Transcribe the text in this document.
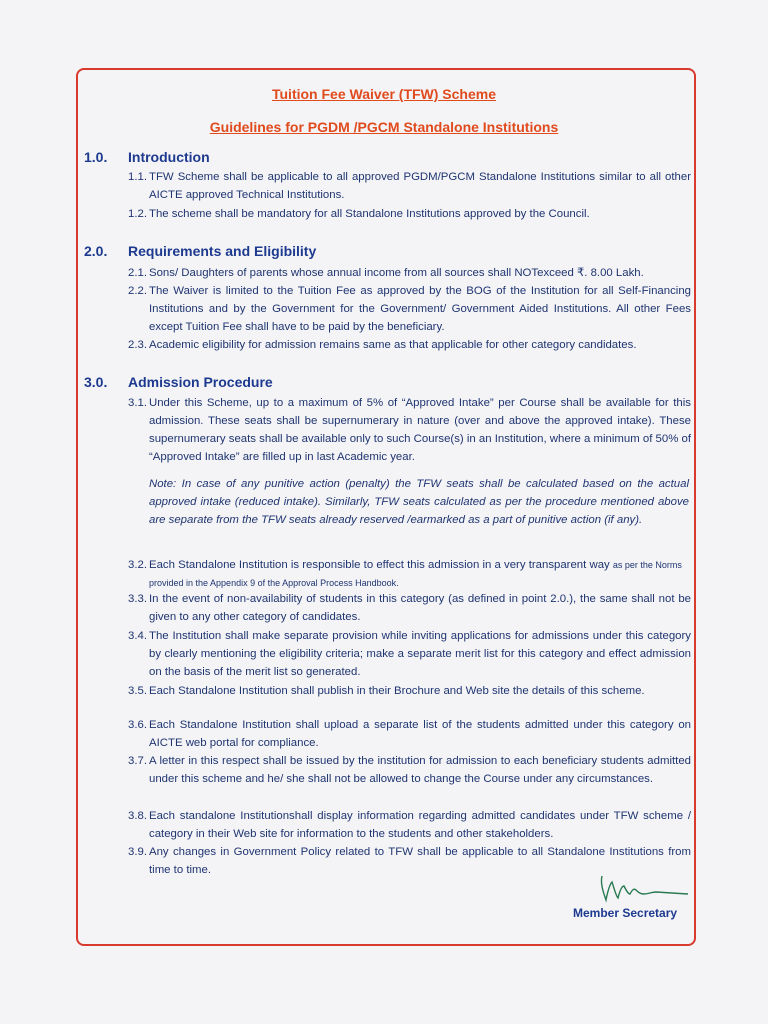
Tuition Fee Waiver (TFW) Scheme
Guidelines for PGDM /PGCM Standalone Institutions
1.0. Introduction
1.1. TFW Scheme shall be applicable to all approved PGDM/PGCM Standalone Institutions similar to all other AICTE approved Technical Institutions.
1.2. The scheme shall be mandatory for all Standalone Institutions approved by the Council.
2.0. Requirements and Eligibility
2.1. Sons/ Daughters of parents whose annual income from all sources shall NOTexceed ₹. 8.00 Lakh.
2.2. The Waiver is limited to the Tuition Fee as approved by the BOG of the Institution for all Self-Financing Institutions and by the Government for the Government/ Government Aided Institutions. All other Fees except Tuition Fee shall have to be paid by the beneficiary.
2.3. Academic eligibility for admission remains same as that applicable for other category candidates.
3.0. Admission Procedure
3.1. Under this Scheme, up to a maximum of 5% of “Approved Intake” per Course shall be available for this admission. These seats shall be supernumerary in nature (over and above the approved intake). These supernumerary seats shall be available only to such Course(s) in an Institution, where a minimum of 50% of “Approved Intake” are filled up in last Academic year.
Note: In case of any punitive action (penalty) the TFW seats shall be calculated based on the actual approved intake (reduced intake). Similarly, TFW seats calculated as per the procedure mentioned above are separate from the TFW seats already reserved /earmarked as a part of punitive action (if any).
3.2. Each Standalone Institution is responsible to effect this admission in a very transparent way as per the Norms provided in the Appendix 9 of the Approval Process Handbook.
3.3. In the event of non-availability of students in this category (as defined in point 2.0.), the same shall not be given to any other category of candidates.
3.4. The Institution shall make separate provision while inviting applications for admissions under this category by clearly mentioning the eligibility criteria; make a separate merit list for this category and effect admission on the basis of the merit list so generated.
3.5. Each Standalone Institution shall publish in their Brochure and Web site the details of this scheme.
3.6. Each Standalone Institution shall upload a separate list of the students admitted under this category on AICTE web portal for compliance.
3.7. A letter in this respect shall be issued by the institution for admission to each beneficiary students admitted under this scheme and he/ she shall not be allowed to change the Course under any circumstances.
3.8. Each standalone Institutionshall display information regarding admitted candidates under TFW scheme / category in their Web site for information to the students and other stakeholders.
3.9. Any changes in Government Policy related to TFW shall be applicable to all Standalone Institutions from time to time.
Member Secretary
